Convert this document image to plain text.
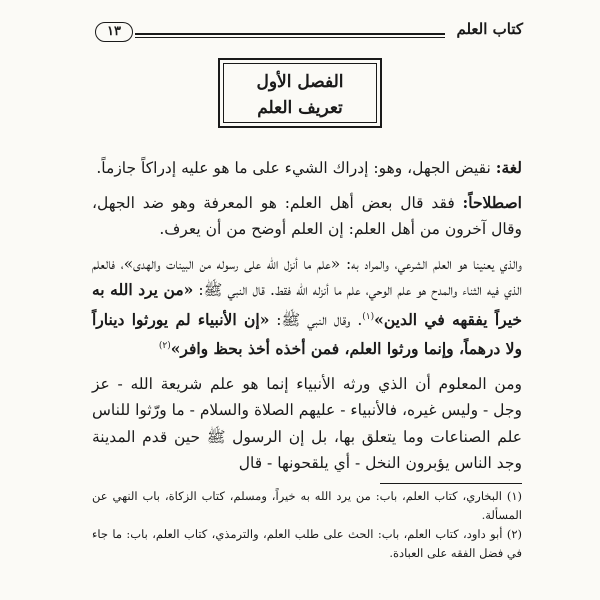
كتاب العلم
١٣
الفصل الأول
تعريف العلم

لغة: نقيض الجهل، وهو: إدراك الشيء على ما هو عليه إدراكاً جازماً.

اصطلاحاً: فقد قال بعض أهل العلم: هو المعرفة وهو ضد الجهل، وقال آخرون من أهل العلم: إن العلم أوضح من أن يعرف.

والذي يعنينا هو العلم الشرعي، والمراد به: «علم ما أنزل الله على رسوله من البينات والهدى»، فالعلم الذي فيه الثناء والمدح هو علم الوحي، علم ما أنزله الله فقط. قال النبي ﷺ: «من يرد الله به خيراً يفقهه في الدين»$^{(١)}$. وقال النبي ﷺ: «إن الأنبياء لم يورثوا ديناراً ولا درهماً، وإنما ورثوا العلم، فمن أخذه أخذ بحظ وافر»$^{(٢)}$

ومن المعلوم أن الذي ورثه الأنبياء إنما هو علم شريعة الله - عز وجل - وليس غيره، فالأنبياء - عليهم الصلاة والسلام - ما ورّثوا للناس علم الصناعات وما يتعلق بها، بل إن الرسول ﷺ حين قدم المدينة وجد الناس يؤبرون النخل - أي يلقحونها - قال

(١) البخاري، كتاب العلم، باب: من يرد الله به خيراً، ومسلم، كتاب الزكاة، باب النهي عن المسألة.

(٢) أبو داود، كتاب العلم، باب: الحث على طلب العلم، والترمذي، كتاب العلم، باب: ما جاء في فضل الفقه على العبادة.
